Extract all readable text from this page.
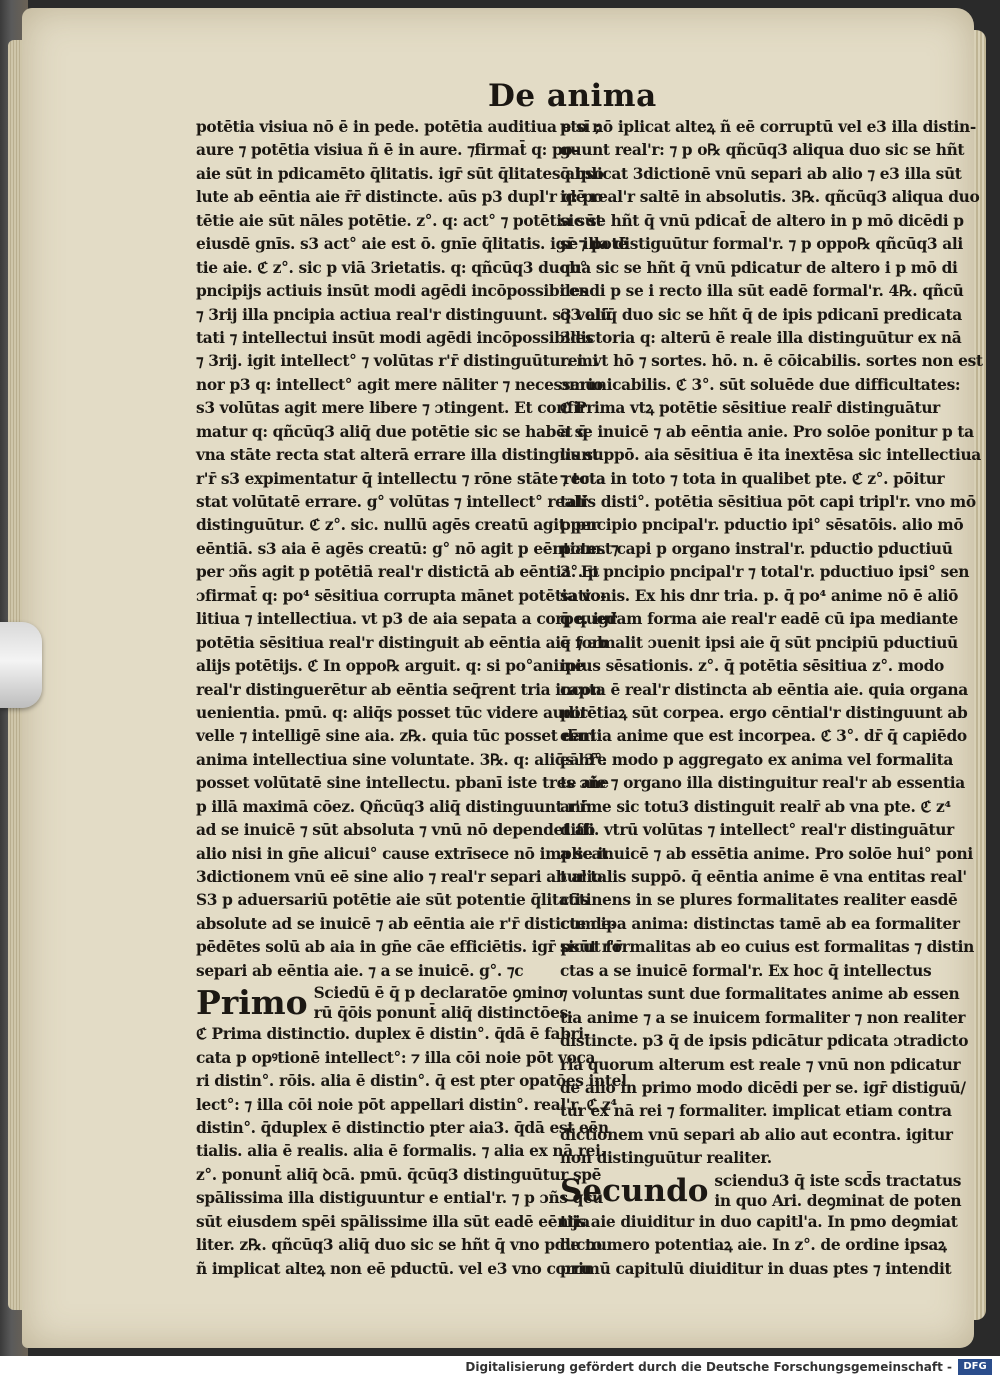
De anima
potētia visiua nō ē in pede. potētia auditiua e sī ;
aure ⁊ potētia visiua ñ ē in aure. ⁊firmat̄ q: po‑
aie sūt in pdicamēto q̄litatis. igr̄ sūt q̄litates abso
lute ab eēntia aie r̄r̄ distincte. aūs p3 dupl'r q: po
tētie aie sūt nāles potētie. z°. q: act° ⁊ potētia sūt
eiusdē gnīs. s3 act° aie est ō. gnīe q̄litatis. igr̄ ⁊ potē
tie aie. ℭ z°. sic p viā 3rietatis. q: qñcūq3 duob°
pncipijs actiuis insūt modi agēdi incōpossibiles
⁊ 3rij illa pncipia actiua real'r distinguunt. s3 volū
tati ⁊ intellectui insūt modi agēdi incōpossibiles
⁊ 3rij. igit intellect° ⁊ volūtas r'r̄ distinguūtur. mi
nor p3 q: intellect° agit mere nāliter ⁊ necessario
s3 volūtas agit mere libere ⁊ ɔtingent. Et confir
matur q: qñcūq3 aliq̄ due potētie sic se habēt q̄
vna stāte recta stat alterā errare illa distinguunt
r'r̄ s3 expimentatur q̄ intellectu ⁊ rōne stāte recta
stat volūtatē errare. g° volūtas ⁊ intellect° realr̄
distinguūtur. ℭ z°. sic. nullū agēs creatū agit per
eēntiā. s3 aia ē agēs creatū: g° nō agit p eēntiam. ⁊
per ɔñs agit p potētiā real'r distictā ab eēntia. Et
ɔfirmat̄ q: po⁴ sēsitiua corrupta mānet potētia vo‑
litiua ⁊ intellectiua. vt p3 de aia sepata a corpe. igr̄
potētia sēsitiua real'r distinguit ab eēntia aie ⁊ ab
alijs potētijs. ℭ In oppo℞ arguit. q: si po°anime
real'r distinguerētur ab eēntia seq̄rent tria incon
uenientia. pmū. q: aliq̄s posset tūc videre audire
velle ⁊ intelligē sine aia. z℞. quia tūc posset dari
anima intellectiua sine voluntate. 3℞. q: aliq̄s hr̄e
posset volūtatē sine intellectu. pbanī iste tres ɔñe
p illā maximā cōez. Qñcūq3 aliq̄ distinguunt r'r̄
ad se inuicē ⁊ sūt absoluta ⁊ vnū nō dependet ab
alio nisi in gn̄e alicui° cause extrīsece nō implicat
3dictionem vnū eē sine alio ⁊ real'r separi ab alio.
S3 p aduersariū potētie aie sūt potentie q̄litatis
absolute ad se inuicē ⁊ ab eēntia aie r'r̄ disticte de‑
pēdētes solū ab aia in gn̄e cāe efficiētis. igr̄ psūt r'r̄
separi ab eēntia aie. ⁊ a se inuicē. g°. ⁊c
Primo Sciedū ē q̄ p declaratōe ꝯmino
rū q̄ōis ponunt̄ aliq̄ distinctōes.
ℭ Prima distinctio. duplex ē distin°. q̄dā ē fabri‑
cata p opꝰtionē intellect°: ⁊ illa cōi noie pōt voca
ri distin°. rōis. alia ē distin°. q̄ est pter opatōes intel
lect°: ⁊ illa cōi noie pōt appellari distin°. real'r. ℭ z⁴
distin°. q̄duplex ē distinctio pter aia3. q̄dā est eēn
tialis. alia ē realis. alia ē formalis. ⁊ alia ex nā rei.
z°. ponunt̄ aliq̄ ꝺcā. pmū. q̄cūq3 distinguūtur spē
spālissima illa distiguuntur e ential'r. ⁊ p ɔñs q̄cū
sūt eiusdem spēi spālissime illa sūt eadē eēntia
liter. z℞. qñcūq3 aliq̄ duo sic se hñt q̄ vno pducto
ñ implicat alteꝝ non eē pductū. vel e3 vno corru
pto nō iplicat alteꝝ ñ eē corruptū vel e3 illa distin‑
guunt real'r: ⁊ p o℞ qñcūq3 aliqua duo sic se hñt
q̄ iplicat 3dictionē vnū separi ab alio ⁊ e3 illa sūt
idē real'r saltē in absolutis. 3℞. qñcūq3 aliqua duo
sic se hñt q̄ vnū pdicat̄ de altero in p mō dicēdi p
se illa distiguūtur formal'r. ⁊ p oppo℞ qñcūq3 ali
qua sic se hñt q̄ vnū pdicatur de altero i p mō di
cendi p se i recto illa sūt eadē formal'r. 4℞. qñcū
q3 aliq̄ duo sic se hñt q̄ de ipis pdicanī predicata
3dictoria q: alterū ē reale illa distinguūtur ex nā
rei. vt hō ⁊ sortes. hō. n. ē cōicabilis. sortes non est
ɔmunicabilis. ℭ 3°. sūt soluēde due difficultates:
ℭ Prima vtꝝ potētie sēsitiue realr̄ distinguātur
a se inuicē ⁊ ab eēntia anie. Pro solōe ponitur p ta
lis suppō. aia sēsitiua ē ita inextēsa sic intellectiua
⁊ tota in toto ⁊ tota in qualibet pte. ℭ z°. pōitur
talis disti°. potētia sēsitiua pōt capi tripl'r. vno mō
p pncipio pncipal'r. pductio ipi° sēsatōis. alio mō
potest capi p organo instral'r. pductio pductiuū
3°. p pncipio pncipal'r ⁊ total'r. pductiuo ipsi° sen
sationis. Ex his dnr tria. p. q̄ po⁴ anime nō ē aliō
q̄ quedam forma aie real'r eadē cū ipa mediante
q̄ formalit ɔuenit ipsi aie q̄ sūt pncipiū pductiuū
ipius sēsationis. z°. q̄ potētia sēsitiua z°. modo
capta ē real'r distincta ab eēntia aie. quia organa
potētiaꝝ sūt corpea. ergo cēntial'r distinguunt ab
eēntia anime que est incorpea. ℭ 3°. dr̄ q̄ capiēdo
eā 3°. modo p aggregato ex anima vel formalita
te aie ⁊ organo illa distinguitur real'r ab essentia
anime sic totu3 distinguit realr̄ ab vna pte. ℭ z⁴
diffi. vtrū volūtas ⁊ intellect° real'r distinguātur
a se inuicē ⁊ ab essētia anime. Pro solōe hui° poni
tur talis suppō. q̄ eēntia anime ē vna entitas real'
cōtinens in se plures formalitates realiter easdē
cum ipa anima: distinctas tamē ab ea formaliter
sicut formalitas ab eo cuius est formalitas ⁊ distin
ctas a se inuicē formal'r. Ex hoc q̄ intellectus
⁊ voluntas sunt due formalitates anime ab essen
tia anime ⁊ a se inuicem formaliter ⁊ non realiter
distincte. p3 q̄ de ipsis pdicātur pdicata ɔtradicto
ria quorum alterum est reale ⁊ vnū non pdicatur
de alio in primo modo dicēdi per se. igr̄ distiguū/
tur ex nā rei ⁊ formaliter. implicat etiam contra
dictionem vnū separi ab alio aut econtra. igitur
non distinguūtur realiter.
Secundo sciendu3 q̄ iste scd̄s tractatus
in quo Ari. deꝯminat de poten
tijs aie diuiditur in duo capitl'a. In pmo deꝯmiat
de numero potentiaꝝ aie. In z°. de ordine ipsaꝝ
primū capitulū diuiditur in duas ptes ⁊ intendit
Digitalisierung gefördert durch die Deutsche Forschungsgemeinschaft -	DFG
